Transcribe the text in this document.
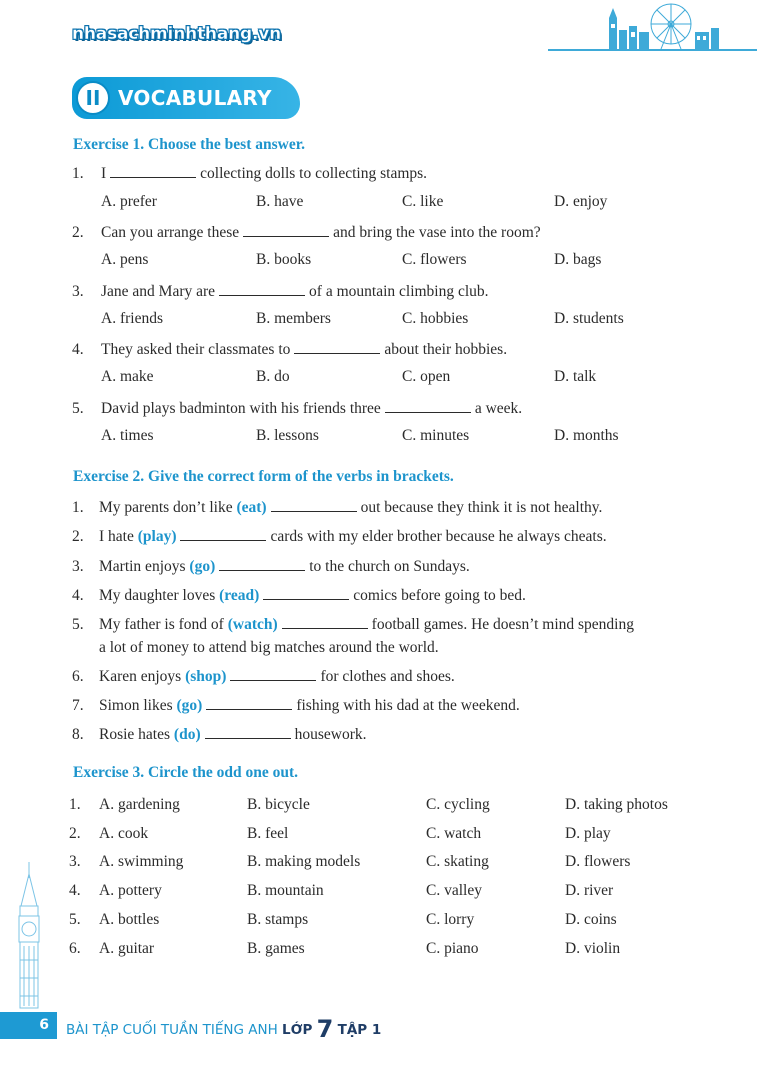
nhasachminhthang.vn
II VOCABULARY
Exercise 1. Choose the best answer.
1. I	collecting dolls to collecting stamps.
A. prefer	B. have	C. like	D. enjoy
2. Can you arrange these	and bring the vase into the room?
A. pens	B. books	C. flowers	D. bags
3. Jane and Mary are	of a mountain climbing club.
A. friends	B. members	C. hobbies	D. students
4. They asked their classmates to	about their hobbies.
A. make	B. do	C. open	D. talk
5. David plays badminton with his friends three	a week.
A. times	B. lessons	C. minutes	D. months
Exercise 2. Give the correct form of the verbs in brackets.
1. My parents don’t like (eat)	out because they think it is not healthy.
2. I hate (play)	cards with my elder brother because he always cheats.
3. Martin enjoys (go)	to the church on Sundays.
4. My daughter loves (read)	comics before going to bed.
5. My father is fond of (watch)	football games. He doesn’t mind spending
a lot of money to attend big matches around the world.
6. Karen enjoys (shop)	for clothes and shoes.
7. Simon likes (go)	fishing with his dad at the weekend.
8. Rosie hates (do)	housework.
Exercise 3. Circle the odd one out.
1. A. gardening	B. bicycle	C. cycling	D. taking photos
2. A. cook	B. feel	C. watch	D. play
3. A. swimming	B. making models	C. skating	D. flowers
4. A. pottery	B. mountain	C. valley	D. river
5. A. bottles	B. stamps	C. lorry	D. coins
6. A. guitar	B. games	C. piano	D. violin
6	BÀI TẬP CUỐI TUẦN TIẾNG ANH LỚP 7 TẬP 1
